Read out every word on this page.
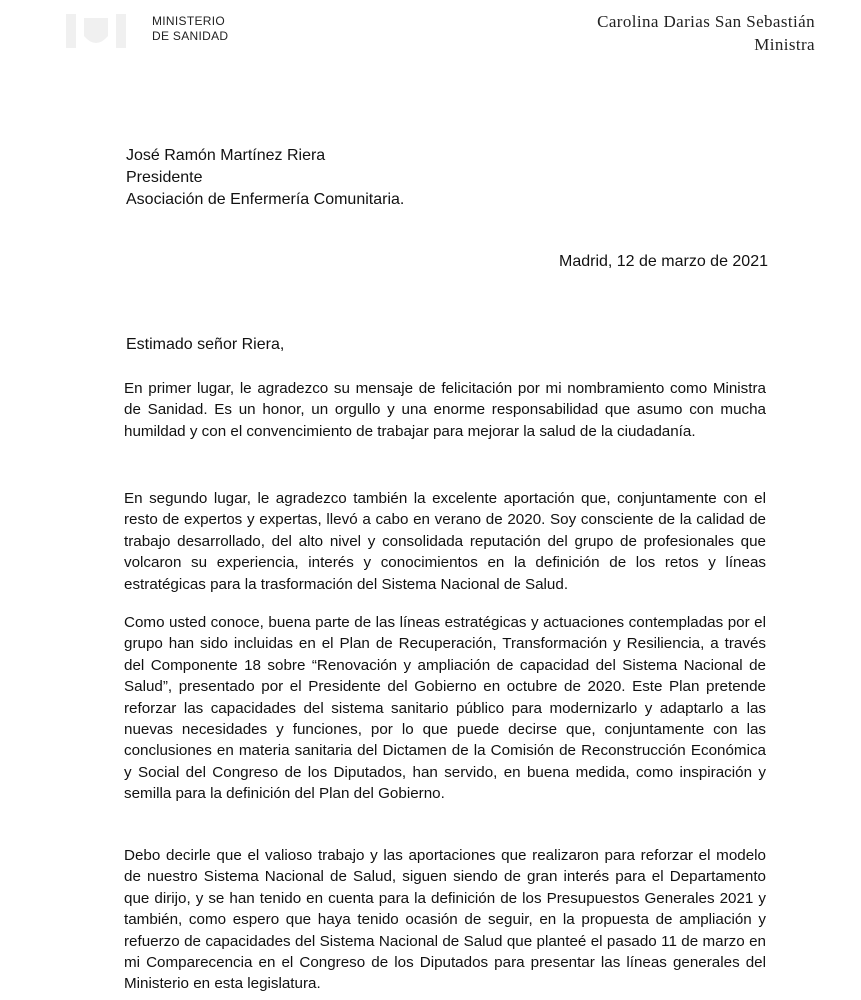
MINISTERIO
DE SANIDAD
Carolina Darias San Sebastián
Ministra
José Ramón Martínez Riera
Presidente
Asociación de Enfermería Comunitaria.
Madrid, 12 de marzo de 2021
Estimado señor Riera,

En primer lugar, le agradezco su mensaje de felicitación por mi nombramiento como Ministra de Sanidad. Es un honor, un orgullo y una enorme responsabilidad que asumo con mucha humildad y con el convencimiento de trabajar para mejorar la salud de la ciudadanía.

En segundo lugar, le agradezco también la excelente aportación que, conjuntamente con el resto de expertos y expertas, llevó a cabo en verano de 2020. Soy consciente de la calidad de trabajo desarrollado, del alto nivel y consolidada reputación del grupo de profesionales que volcaron su experiencia, interés y conocimientos en la definición de los retos y líneas estratégicas para la trasformación del Sistema Nacional de Salud.

Como usted conoce, buena parte de las líneas estratégicas y actuaciones contempladas por el grupo han sido incluidas en el Plan de Recuperación, Transformación y Resiliencia, a través del Componente 18 sobre “Renovación y ampliación de capacidad del Sistema Nacional de Salud”, presentado por el Presidente del Gobierno en octubre de 2020. Este Plan pretende reforzar las capacidades del sistema sanitario público para modernizarlo y adaptarlo a las nuevas necesidades y funciones, por lo que puede decirse que, conjuntamente con las conclusiones en materia sanitaria del Dictamen de la Comisión de Reconstrucción Económica y Social del Congreso de los Diputados, han servido, en buena medida, como inspiración y semilla para la definición del Plan del Gobierno.

Debo decirle que el valioso trabajo y las aportaciones que realizaron para reforzar el modelo de nuestro Sistema Nacional de Salud, siguen siendo de gran interés para el Departamento que dirijo, y se han tenido en cuenta para la definición de los Presupuestos Generales 2021 y también, como espero que haya tenido ocasión de seguir, en la propuesta de ampliación y refuerzo de capacidades del Sistema Nacional de Salud que planteé el pasado 11 de marzo en mi Comparecencia en el Congreso de los Diputados para presentar las líneas generales del Ministerio en esta legislatura.
